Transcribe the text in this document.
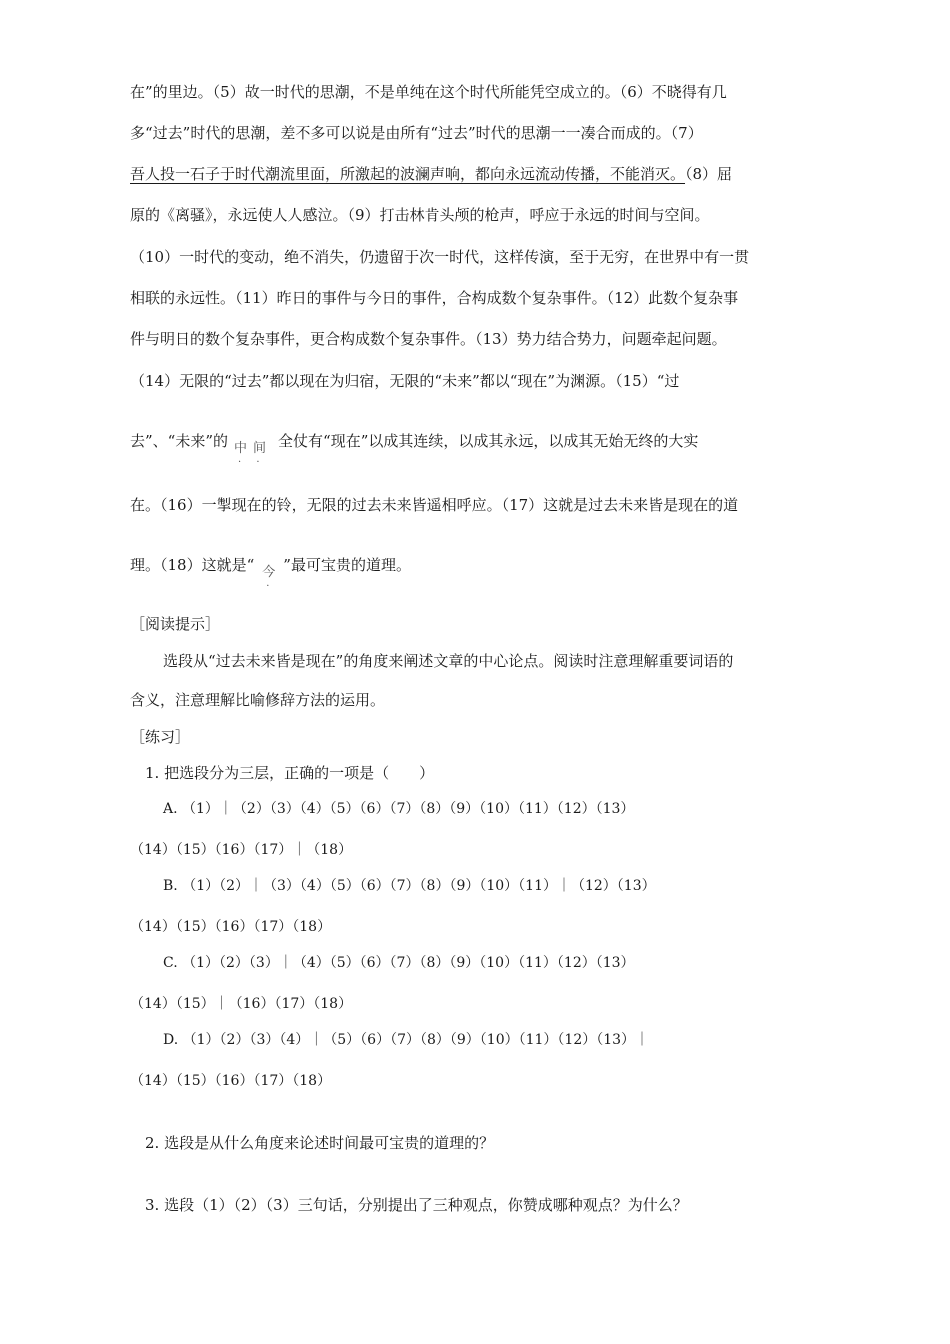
在”的里边。（5）故一时代的思潮，不是单纯在这个时代所能凭空成立的。（6）不晓得有几
多“过去”时代的思潮，差不多可以说是由所有“过去”时代的思潮一一凑合而成的。（7）
吾人投一石子于时代潮流里面，所激起的波澜声响，都向永远流动传播，不能消灭。（8）屈
原的《离骚》，永远使人人感泣。（9）打击林肯头颅的枪声，呼应于永远的时间与空间。
（10）一时代的变动，绝不消失，仍遗留于次一时代，这样传演，至于无穷，在世界中有一贯
相联的永远性。（11）昨日的事件与今日的事件，合构成数个复杂事件。（12）此数个复杂事
件与明日的数个复杂事件，更合构成数个复杂事件。（13）势力结合势力，问题牵起问题。
（14）无限的“过去”都以现在为归宿，无限的“未来”都以“现在”为渊源。（15）“过
去”、“未来”的 中间 · · 全仗有“现在”以成其连续，以成其永远，以成其无始无终的大实
在。（16）一掣现在的铃，无限的过去未来皆遥相呼应。（17）这就是过去未来皆是现在的道
理。（18）这就是“ 今 ”最可宝贵的道理。
［阅读提示］
选段从“过去未来皆是现在”的角度来阐述文章的中心论点。阅读时注意理解重要词语的
含义，注意理解比喻修辞方法的运用。
［练习］
1. 把选段分为三层，正确的一项是（　　）
A. （1）｜（2）（3）（4）（5）（6）（7）（8）（9）（10）（11）（12）（13）
（14）（15）（16）（17）｜（18）
B. （1）（2）｜（3）（4）（5）（6）（7）（8）（9）（10）（11）｜（12）（13）
（14）（15）（16）（17）（18）
C. （1）（2）（3）｜（4）（5）（6）（7）（8）（9）（10）（11）（12）（13）
（14）（15）｜（16）（17）（18）
D. （1）（2）（3）（4）｜（5）（6）（7）（8）（9）（10）（11）（12）（13）｜
（14）（15）（16）（17）（18）
2. 选段是从什么角度来论述时间最可宝贵的道理的？
3. 选段（1）（2）（3）三句话，分别提出了三种观点，你赞成哪种观点？为什么？
